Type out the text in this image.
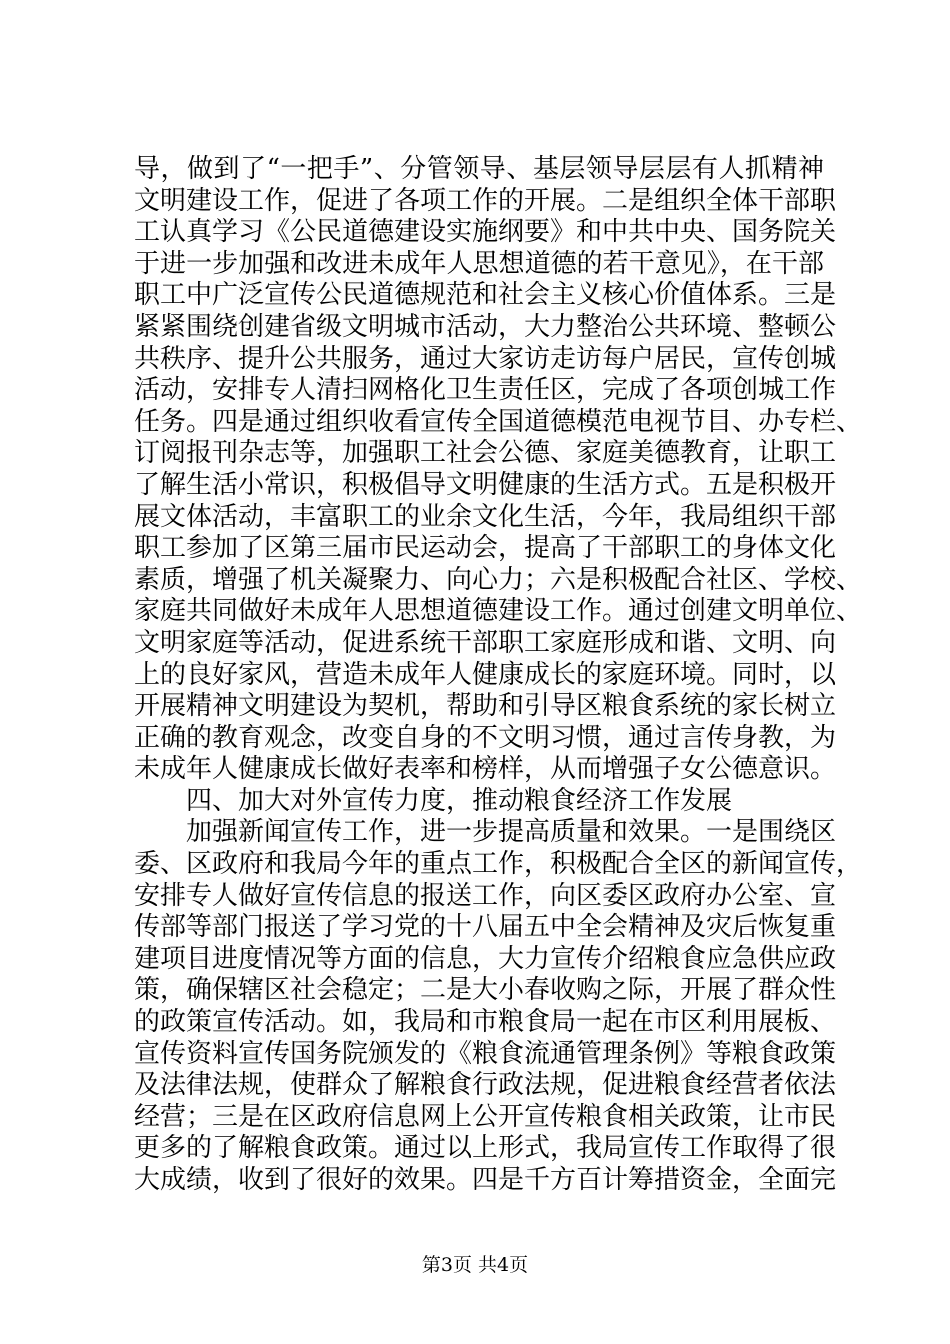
导，做到了“一把手”、分管领导、基层领导层层有人抓精神
文明建设工作，促进了各项工作的开展。二是组织全体干部职
工认真学习《公民道德建设实施纲要》和中共中央、国务院关
于进一步加强和改进未成年人思想道德的若干意见》，在干部
职工中广泛宣传公民道德规范和社会主义核心价值体系。三是
紧紧围绕创建省级文明城市活动，大力整治公共环境、整顿公
共秩序、提升公共服务，通过大家访走访每户居民，宣传创城
活动，安排专人清扫网格化卫生责任区，完成了各项创城工作
任务。四是通过组织收看宣传全国道德模范电视节目、办专栏、
订阅报刊杂志等，加强职工社会公德、家庭美德教育，让职工
了解生活小常识，积极倡导文明健康的生活方式。五是积极开
展文体活动，丰富职工的业余文化生活，今年，我局组织干部
职工参加了区第三届市民运动会，提高了干部职工的身体文化
素质，增强了机关凝聚力、向心力；六是积极配合社区、学校、
家庭共同做好未成年人思想道德建设工作。通过创建文明单位、
文明家庭等活动，促进系统干部职工家庭形成和谐、文明、向
上的良好家风，营造未成年人健康成长的家庭环境。同时，以
开展精神文明建设为契机，帮助和引导区粮食系统的家长树立
正确的教育观念，改变自身的不文明习惯，通过言传身教，为
未成年人健康成长做好表率和榜样，从而增强子女公德意识。
四、加大对外宣传力度，推动粮食经济工作发展
加强新闻宣传工作，进一步提高质量和效果。一是围绕区
委、区政府和我局今年的重点工作，积极配合全区的新闻宣传，
安排专人做好宣传信息的报送工作，向区委区政府办公室、宣
传部等部门报送了学习党的十八届五中全会精神及灾后恢复重
建项目进度情况等方面的信息，大力宣传介绍粮食应急供应政
策，确保辖区社会稳定；二是大小春收购之际，开展了群众性
的政策宣传活动。如，我局和市粮食局一起在市区利用展板、
宣传资料宣传国务院颁发的《粮食流通管理条例》等粮食政策
及法律法规，使群众了解粮食行政法规，促进粮食经营者依法
经营；三是在区政府信息网上公开宣传粮食相关政策，让市民
更多的了解粮食政策。通过以上形式，我局宣传工作取得了很
大成绩，收到了很好的效果。四是千方百计筹措资金，全面完
第3页 共4页
